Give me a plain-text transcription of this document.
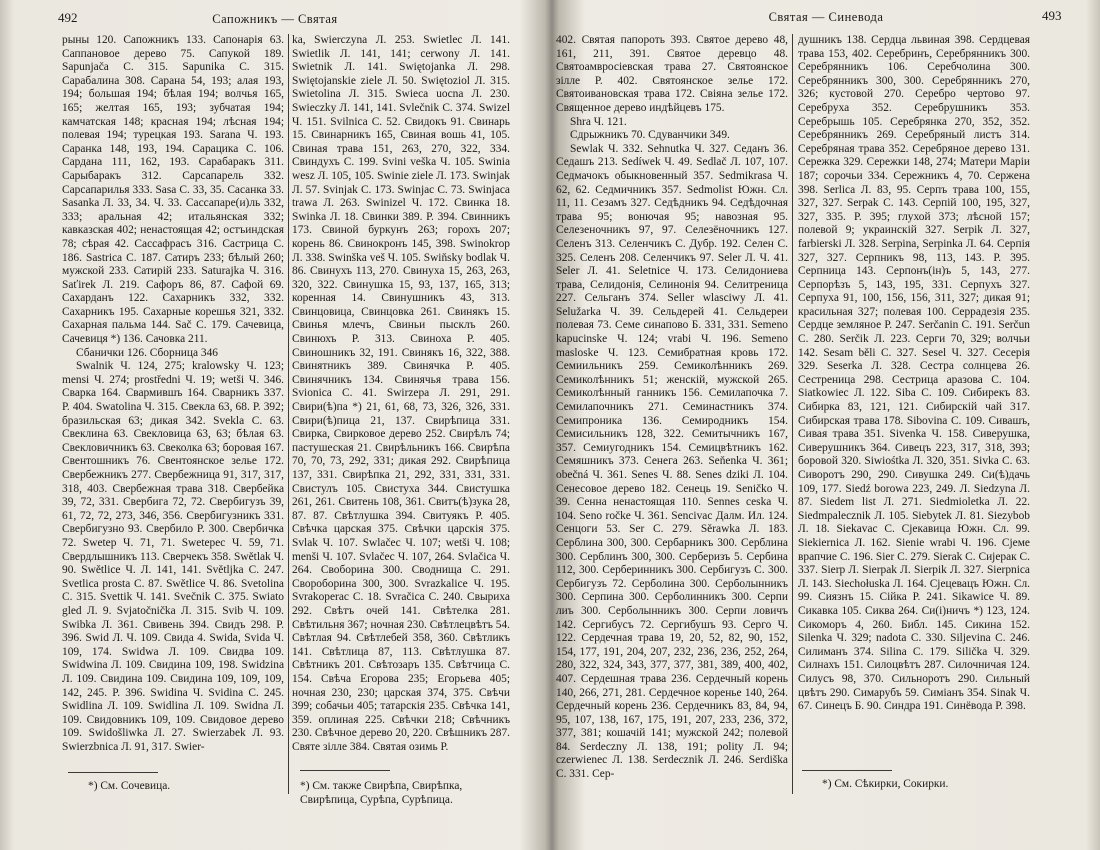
492	Сапожникъ — Святая

рыны 120. Сапожникъ 133. Сапонарія 63. Саппановое дерево 75. Сапукой 189. Sapunjača C. 315. Sapunika C. 315. Сарабалина 308. Сарана 54, 193; алая 193, 194; большая 194; бѣлая 194; волчья 165, 165; желтая 165, 193; зубчатая 194; камчатская 148; красная 194; лѣсная 194; полевая 194; турецкая 193. Sarana Ч. 193. Саранка 148, 193, 194. Сарацика C. 106. Сардана 111, 162, 193. Сарабаракъ 311. Сарыбаракъ 312. Сарсапарель 332. Сарсапарилья 333. Sasa C. 33, 35. Сасанка 33. Sasanka Л. 33, 34. Ч. 33. Сассапаре(и)ль 332, 333; аральная 42; итальянская 332; кавказская 402; ненастоящая 42; остъиндская 78; сѣрая 42. Сассафрасъ 316. Састрица C. 186. Sastrica C. 187. Сатиръ 233; бѣлый 260; мужской 233. Сатирій 233. Saturajka Ч. 316. Saťirek Л. 219. Сафоръ 86, 87. Сафой 69. Сахарданъ 122. Сахарникъ 332, 332. Сахарникъ 195. Сахарные корешья 321, 332. Сахарная пальма 144. Sač C. 179. Сачевица, Сачевиця *) 136. Сачовка 211.

Сбанички 126. Сборница 346

Swalnik Ч. 124, 275; kralowsky Ч. 123; mensi Ч. 274; prostředni Ч. 19; wetši Ч. 346. Сварка 164. Свармившъ 164. Сварникъ 337. Р. 404. Swatolina Ч. 315. Свекла 63, 68. Р. 392; бразильская 63; дикая 342. Svekla C. 63. Свеклина 63. Свекловица 63, 63; бѣлая 63. Свекловичникъ 63. Свеколка 63; боровая 167. Свентошникъ 76. Свентоянское зелье 172. Свербежникъ 277. Свербежница 91, 317, 317, 318, 403. Свербежная трава 318. Свербейка 39, 72, 331. Свербига 72, 72. Свербигузъ 39, 61, 72, 72, 273, 346, 356. Свербигузникъ 331. Свербигузно 93. Свербило Р. 300. Свербичка 72. Swetep Ч. 71, 71. Swetepec Ч. 59, 71. Свердлышникъ 113. Сверчекъ 358. Swětlak Ч. 90. Swětlice Ч. Л. 141, 141. Světljka C. 247. Svetlica prosta C. 87. Swětlice Ч. 86. Svetolina C. 315. Svettik Ч. 141. Svečnik C. 375. Swiato gled Л. 9. Svjatočnička Л. 315. Svib Ч. 109. Swibka Л. 361. Свивень 394. Свидъ 298. Р. 396. Swid Л. Ч. 109. Свида 4. Swida, Svida Ч. 109, 174. Swidwa Л. 109. Свидва 109. Swidwina Л. 109. Свидина 109, 198. Swidzina Л. 109. Свидина 109. Свидина 109, 109, 109, 142, 245. Р. 396. Swidina Ч. Svidina C. 245. Swidlina Л. 109. Swidlina Л. 109. Swidna Л. 109. Свидовникъ 109, 109. Свидовое дерево 109. Swidošliwka Л. 27. Swierzabek Л. 93. Swierzbnica Л. 91, 317. Swier-

ka, Swierczyna Л. 253. Swietlec Л. 141. Swietlik Л. 141, 141; cerwony Л. 141. Swietnik Л. 141. Swiętojanka Л. 298. Swiętojanskie ziele Л. 50. Swiętoziol Л. 315. Swietolina Л. 315. Swieca uocna Л. 230. Swieczky Л. 141, 141. Svlečnik C. 374. Swizel Ч. 151. Svilnica C. 52. Свидокъ 91. Свинарь 15. Свинарникъ 165, Свиная вошь 41, 105. Свиная трава 151, 263, 270, 322, 334. Свиндухъ C. 199. Svini veška Ч. 105. Swinia wesz Л. 105, 105. Swinie ziele Л. 173. Swinjak Л. 57. Svinjak C. 173. Swinjac C. 73. Swinjaca trawa Л. 263. Swinizel Ч. 172. Свинка 18. Swinka Л. 18. Свинки 389. Р. 394. Свинникъ 173. Свиной буркунъ 263; горохъ 207; корень 86. Свинокронъ 145, 398. Swinokrop Л. 338. Swinška veš Ч. 105. Swiňsky bodlak Ч. 86. Свинухъ 113, 270. Свинуха 15, 263, 263, 320, 322. Свинушка 15, 93, 137, 165, 313; коренная 14. Свинушникъ 43, 313. Свинцовица, Свинцовка 261. Свинякъ 15. Свинья млечъ, Свиньи пысклъ 260. Свинюхъ Р. 313. Свиноха Р. 405. Свиношникъ 32, 191. Свинякъ 16, 322, 388. Свинятникъ 389. Свинячка Р. 405. Свинячникъ 134. Свинячья трава 156. Svionica C. 41. Swirzepa Л. 291, 291. Свири(ѣ)па *) 21, 61, 68, 73, 326, 326, 331. Свири(ѣ)пица 21, 137. Свирѣпица 331. Свирка, Свирковое дерево 252. Свирѣлъ 74; пастушеская 21. Свирѣльникъ 166. Свирѣпа 70, 70, 73, 292, 331; дикая 292. Свирѣпица 137, 331. Свирѣпка 21, 292, 331, 331, 331. Свистулъ 105. Свистуха 344. Свистушка 261, 261. Свитень 108, 361. Свитъ(ѣ)зука 28, 87. 87. Свѣтлушка 394. Свитуякъ Р. 405. Свѣчка царская 375. Свѣчки царскія 375. Svlak Ч. 107. Swlačec Ч. 107; wetši Ч. 108; menši Ч. 107. Svlačec Ч. 107, 264. Svlačica Ч. 264. Своборина 300. Своднища C. 291. Свороборина 300, 300. Svrazkalice Ч. 195. Svrakoperac C. 18. Svračica C. 240. Свыриха 292. Свѣтъ очей 141. Свѣтелка 281. Свѣтильня 367; ночная 230. Свѣтлецвѣтъ 54. Свѣтлая 94. Свѣтлебей 358, 360. Свѣтликъ 141. Свѣтлица 87, 113. Свѣтлушка 87. Свѣтникъ 201. Свѣтозаръ 135. Свѣтчица C. 154. Свѣча Егорова 235; Егорьева 405; ночная 230, 230; царская 374, 375. Свѣчи 399; собачьи 405; татарскія 235. Свѣчка 141, 359. оплиная 225. Свѣчки 218; Свѣчникъ 230. Свѣчное дерево 20, 220. Свѣшникъ 287. Святе зілле 384. Святая озимь Р.

*) См. Сочевица.	*) См. также Свирѣпа, Свирѣпка, Свирѣпица, Сурѣпа, Сурѣпица.
493
Святая — Синевода

402. Святая папороть 393. Святое дерево 48, 161, 211, 391. Святое деревцо 48. Святоамвросіевская трава 27. Святоянское зілле Р. 402. Святоянское зелье 172. Святоивановская трава 172. Свіяна зелье 172. Священное дерево индѣйцевъ 175.

Shra Ч. 121.

Сдрыжникъ 70. Сдуванчики 349.

Sewlak Ч. 332. Sehnutka Ч. 327. Седанъ 36. Седашъ 213. Sedíwek Ч. 49. Sedlač Л. 107, 107. Седмачокъ обыкновенный 357. Sedmikrasa Ч. 62, 62. Седмичникъ 357. Sedmolist Южн. Сл. 11, 11. Сезамъ 327. Седѣдникъ 94. Седѣдочная трава 95; вонючая 95; навозная 95. Селезеночникъ 97, 97. Селезёночникъ 127. Селенъ 313. Селенчикъ C. Дубр. 192. Селен C. 325. Селенъ 208. Селенчикъ 97. Seler Л. Ч. 41. Seler Л. 41. Seletnice Ч. 173. Селидониева трава, Селидонія, Селинонія 94. Селитреница 227. Сельганъ 374. Seller wlasciwy Л. 41. Selužarka Ч. 39. Сельдерей 41. Сельдереи полевая 73. Семе синапово Б. 331, 331. Semeno kapucinske Ч. 124; vrabi Ч. 196. Semeno masloske Ч. 123. Семибратная кровь 172. Семиильникъ 259. Семиколѣнникъ 269. Семиколѣнникъ 51; женскій, мужской 265. Семиколѣнный ганникъ 156. Семилапочка 7. Семилапочникъ 271. Семинастникъ 374. Семипроника 136. Семиродникъ 154. Семисильникъ 128, 322. Семитычникъ 167, 357. Семиугодникъ 154. Семицвѣтникъ 162. Семяшникъ 373. Сенега 263. Seňenka Ч. 361; obečná Ч. 361. Senes Ч. 88. Senes dziki Л. 104. Сенесовое дерево 182. Сенець 19. Seničko Ч. 39. Сенна ненастоящая 110. Sennes ceska Ч. 104. Seno ročke Ч. 361. Sencivac Далм. Ил. 124. Сенцоги 53. Ser C. 279. Sěrawka Л. 183. Серблина 300, 300. Сербарникъ 300. Серблина 300. Серблинъ 300, 300. Серберизъ 5. Сербина 112, 300. Серберинникъ 300. Сербигузъ C. 300. Сербигузъ 72. Серболина 300. Серболынникъ 300. Серпина 300. Серболинникъ 300. Серпи лиъ 300. Серболынникъ 300. Серпи ловичъ 142. Сергибусъ 72. Сергибушъ 93. Серго Ч. 122. Сердечная трава 19, 20, 52, 82, 90, 152, 154, 177, 191, 204, 207, 232, 236, 236, 252, 264, 280, 322, 324, 343, 377, 377, 381, 389, 400, 402, 407. Сердешная трава 236. Сердечный корень 140, 266, 271, 281. Сердечное коренье 140, 264. Сердечный корень 236. Сердечникъ 83, 84, 94, 95, 107, 138, 167, 175, 191, 207, 233, 236, 372, 377, 381; кошачій 141; мужской 242; полевой 84. Serdeczny Л. 138, 191; polity Л. 94; czerwienec Л. 138. Serdecznik Л. 246. Serdiška C. 331. Сер-

душникъ 138. Сердца львиная 398. Сердцевая трава 153, 402. Серебринъ, Серебрянникъ 300. Серебрянникъ 106. Серебчолина 300. Серебрянникъ 300, 300. Серебрянникъ 270, 326; кустовой 270. Серебро чертово 97. Серебруха 352. Серебрушникъ 353. Серебрышь 105. Серебрянка 270, 352, 352. Серебрянникъ 269. Серебряный листъ 314. Серебряная трава 352. Серебряное дерево 131. Сережка 329. Сережки 148, 274; Матери Маріи 187; сорочьи 334. Сережникъ 4, 70. Сержена 398. Serlica Л. 83, 95. Серпъ трава 100, 155, 327, 327. Serpak C. 143. Серпій 100, 195, 327, 327, 335. Р. 395; глухой 373; лѣсной 157; полевой 9; украинскій 327. Serpik Л. 327, farbierski Л. 328. Serpina, Serpinka Л. 64. Серпія 327, 327. Серпникъ 98, 113, 143. Р. 395. Серпница 143. Серпонъ(ін)ъ 5, 143, 277. Серпорѣзъ 5, 143, 195, 331. Серпухъ 327. Серпуха 91, 100, 156, 156, 311, 327; дикая 91; красильная 327; полевая 100. Серрадезія 235. Сердце земляное Р. 247. Serčanin C. 191. Serčun C. 280. Serčik Л. 223. Серги 70, 329; волчьи 142. Sesam běli C. 327. Sesel Ч. 327. Сесерія 329. Seserka Л. 328. Сестра солнцева 26. Сестреница 298. Сестрица аразова C. 104. Siatkowiec Л. 122. Siba C. 109. Сибирекъ 83. Сибирка 83, 121, 121. Сибирскій чай 317. Сибирская трава 178. Sibovina C. 109. Сивашъ, Сивая трава 351. Sivenka Ч. 158. Сиверушка, Сиверушникъ 364. Сивецъ 223, 317, 318, 393; боровой 320. Siwiośtka Л. 320, 351. Sivka C. 63. Сиворотъ 290, 290. Сивушка 249. Си(ѣ)дачь 109, 177. Siedź borowa 223, 249. Л. Siedzyna Л. 87. Siedem list Л. 271. Siedmioletka Л. 22. Siedmpalecznik Л. 105. Siebytek Л. 81. Siezybob Л. 18. Siekavac C. Сјекавица Южн. Сл. 99. Siekiernica Л. 162. Sienie wrabi Ч. 196. Сјеме врапчие C. 196. Sier C. 279. Sierak C. Сиjерак C. 337. Sierp Л. Sierpak Л. Sierpik Л. 327. Sierpnica Л. 143. Siechołuska Л. 164. Сјецевацъ Южн. Сл. 99. Сиязнъ 15. Сійка Р. 241. Sikawice Ч. 89. Сикавка 105. Сиква 264. Си(і)ничъ *) 123, 124. Сикоморъ 4, 260. Библ. 145. Сикина 152. Silenka Ч. 329; nadota C. 330. Siljevina C. 246. Силиманъ 374. Silina C. 179. Silička Ч. 329. Силнахъ 151. Силоцвѣтъ 287. Силочничая 124. Силусъ 98, 370. Сильноротъ 290. Сильный цвѣтъ 290. Симарубъ 59. Симіанъ 354. Sinak Ч. 67. Синецъ Б. 90. Синдра 191. Синёвода Р. 398.

*) См. Сѣкирки, Сокирки.
